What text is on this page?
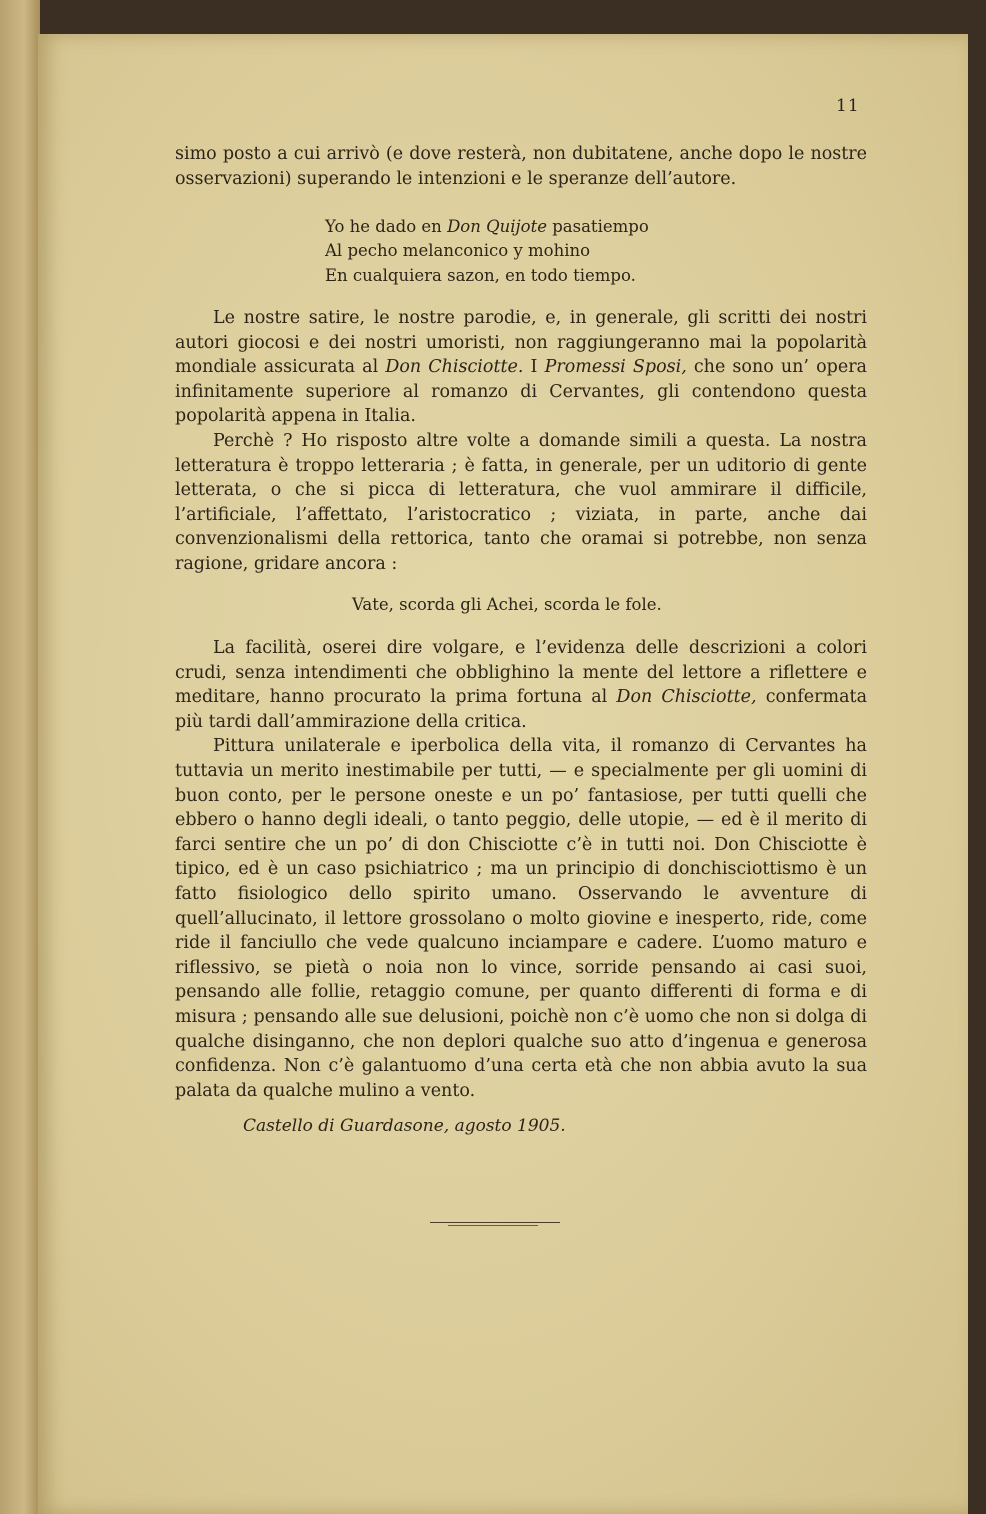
11

simo posto a cui arrivò (e dove resterà, non dubitatene, anche dopo le nostre osservazioni) superando le intenzioni e le speranze dell’autore.

Yo he dado en Don Quijote pasatiempo
Al pecho melanconico y mohino
En cualquiera sazon, en todo tiempo.

Le nostre satire, le nostre parodie, e, in generale, gli scritti dei nostri autori giocosi e dei nostri umoristi, non raggiungeranno mai la popolarità mondiale assicurata al Don Chisciotte. I Promessi Sposi, che sono un’ opera infinitamente superiore al romanzo di Cervantes, gli contendono questa popolarità appena in Italia.

Perchè ? Ho risposto altre volte a domande simili a questa. La nostra letteratura è troppo letteraria ; è fatta, in generale, per un uditorio di gente letterata, o che si picca di letteratura, che vuol ammirare il difficile, l’artificiale, l’affettato, l’aristocratico ; viziata, in parte, anche dai convenzionalismi della rettorica, tanto che oramai si potrebbe, non senza ragione, gridare ancora :

Vate, scorda gli Achei, scorda le fole.

La facilità, oserei dire volgare, e l’evidenza delle descrizioni a colori crudi, senza intendimenti che obblighino la mente del lettore a riflettere e meditare, hanno procurato la prima fortuna al Don Chisciotte, confermata più tardi dall’ammirazione della critica.

Pittura unilaterale e iperbolica della vita, il romanzo di Cervantes ha tuttavia un merito inestimabile per tutti, — e specialmente per gli uomini di buon conto, per le persone oneste e un po’ fantasiose, per tutti quelli che ebbero o hanno degli ideali, o tanto peggio, delle utopie, — ed è il merito di farci sentire che un po’ di don Chisciotte c’è in tutti noi. Don Chisciotte è tipico, ed è un caso psichiatrico ; ma un principio di donchisciottismo è un fatto fisiologico dello spirito umano. Osservando le avventure di quell’allucinato, il lettore grossolano o molto giovine e inesperto, ride, come ride il fanciullo che vede qualcuno inciampare e cadere. L’uomo maturo e riflessivo, se pietà o noia non lo vince, sorride pensando ai casi suoi, pensando alle follie, retaggio comune, per quanto differenti di forma e di misura ; pensando alle sue delusioni, poichè non c’è uomo che non si dolga di qualche disinganno, che non deplori qualche suo atto d’ingenua e generosa confidenza. Non c’è galantuomo d’una certa età che non abbia avuto la sua palata da qualche mulino a vento.

Castello di Guardasone, agosto 1905.
